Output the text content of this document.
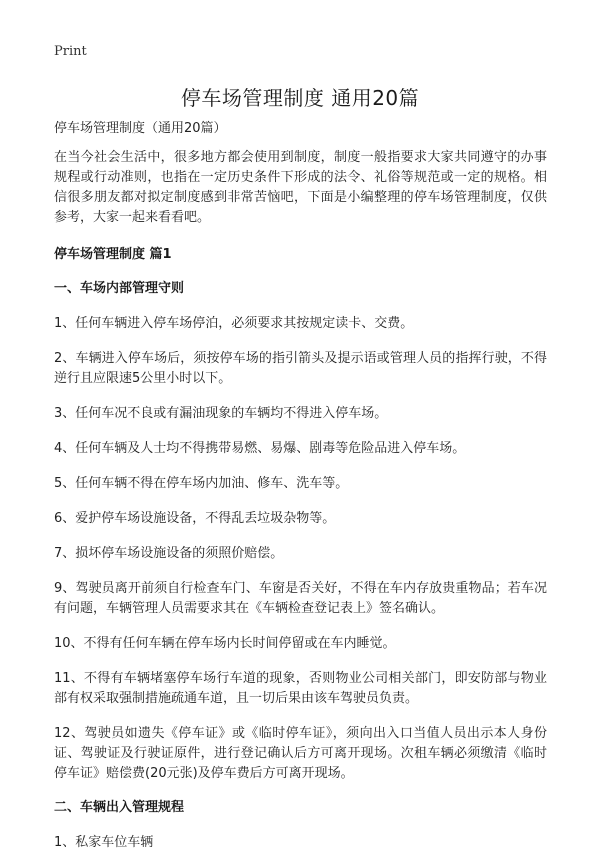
Print
停车场管理制度 通用20篇

停车场管理制度（通用20篇）

在当今社会生活中，很多地方都会使用到制度，制度一般指要求大家共同遵守的办事规程或行动准则，也指在一定历史条件下形成的法令、礼俗等规范或一定的规格。相信很多朋友都对拟定制度感到非常苦恼吧，下面是小编整理的停车场管理制度，仅供参考，大家一起来看看吧。

停车场管理制度 篇1
一、车场内部管理守则

1、任何车辆进入停车场停泊，必须要求其按规定读卡、交费。

2、车辆进入停车场后，须按停车场的指引箭头及提示语或管理人员的指挥行驶，不得逆行且应限速5公里小时以下。

3、任何车况不良或有漏油现象的车辆均不得进入停车场。

4、任何车辆及人士均不得携带易燃、易爆、剧毒等危险品进入停车场。

5、任何车辆不得在停车场内加油、修车、洗车等。

6、爱护停车场设施设备，不得乱丢垃圾杂物等。

7、损坏停车场设施设备的须照价赔偿。

9、驾驶员离开前须自行检查车门、车窗是否关好，不得在车内存放贵重物品；若车况有问题，车辆管理人员需要求其在《车辆检查登记表上》签名确认。

10、不得有任何车辆在停车场内长时间停留或在车内睡觉。

11、不得有车辆堵塞停车场行车道的现象，否则物业公司相关部门，即安防部与物业部有权采取强制措施疏通车道，且一切后果由该车驾驶员负责。

12、驾驶员如遗失《停车证》或《临时停车证》，须向出入口当值人员出示本人身份证、驾驶证及行驶证原件，进行登记确认后方可离开现场。次租车辆必须缴清《临时停车证》赔偿费(20元张)及停车费后方可离开现场。

二、车辆出入管理规程

1、私家车位车辆
